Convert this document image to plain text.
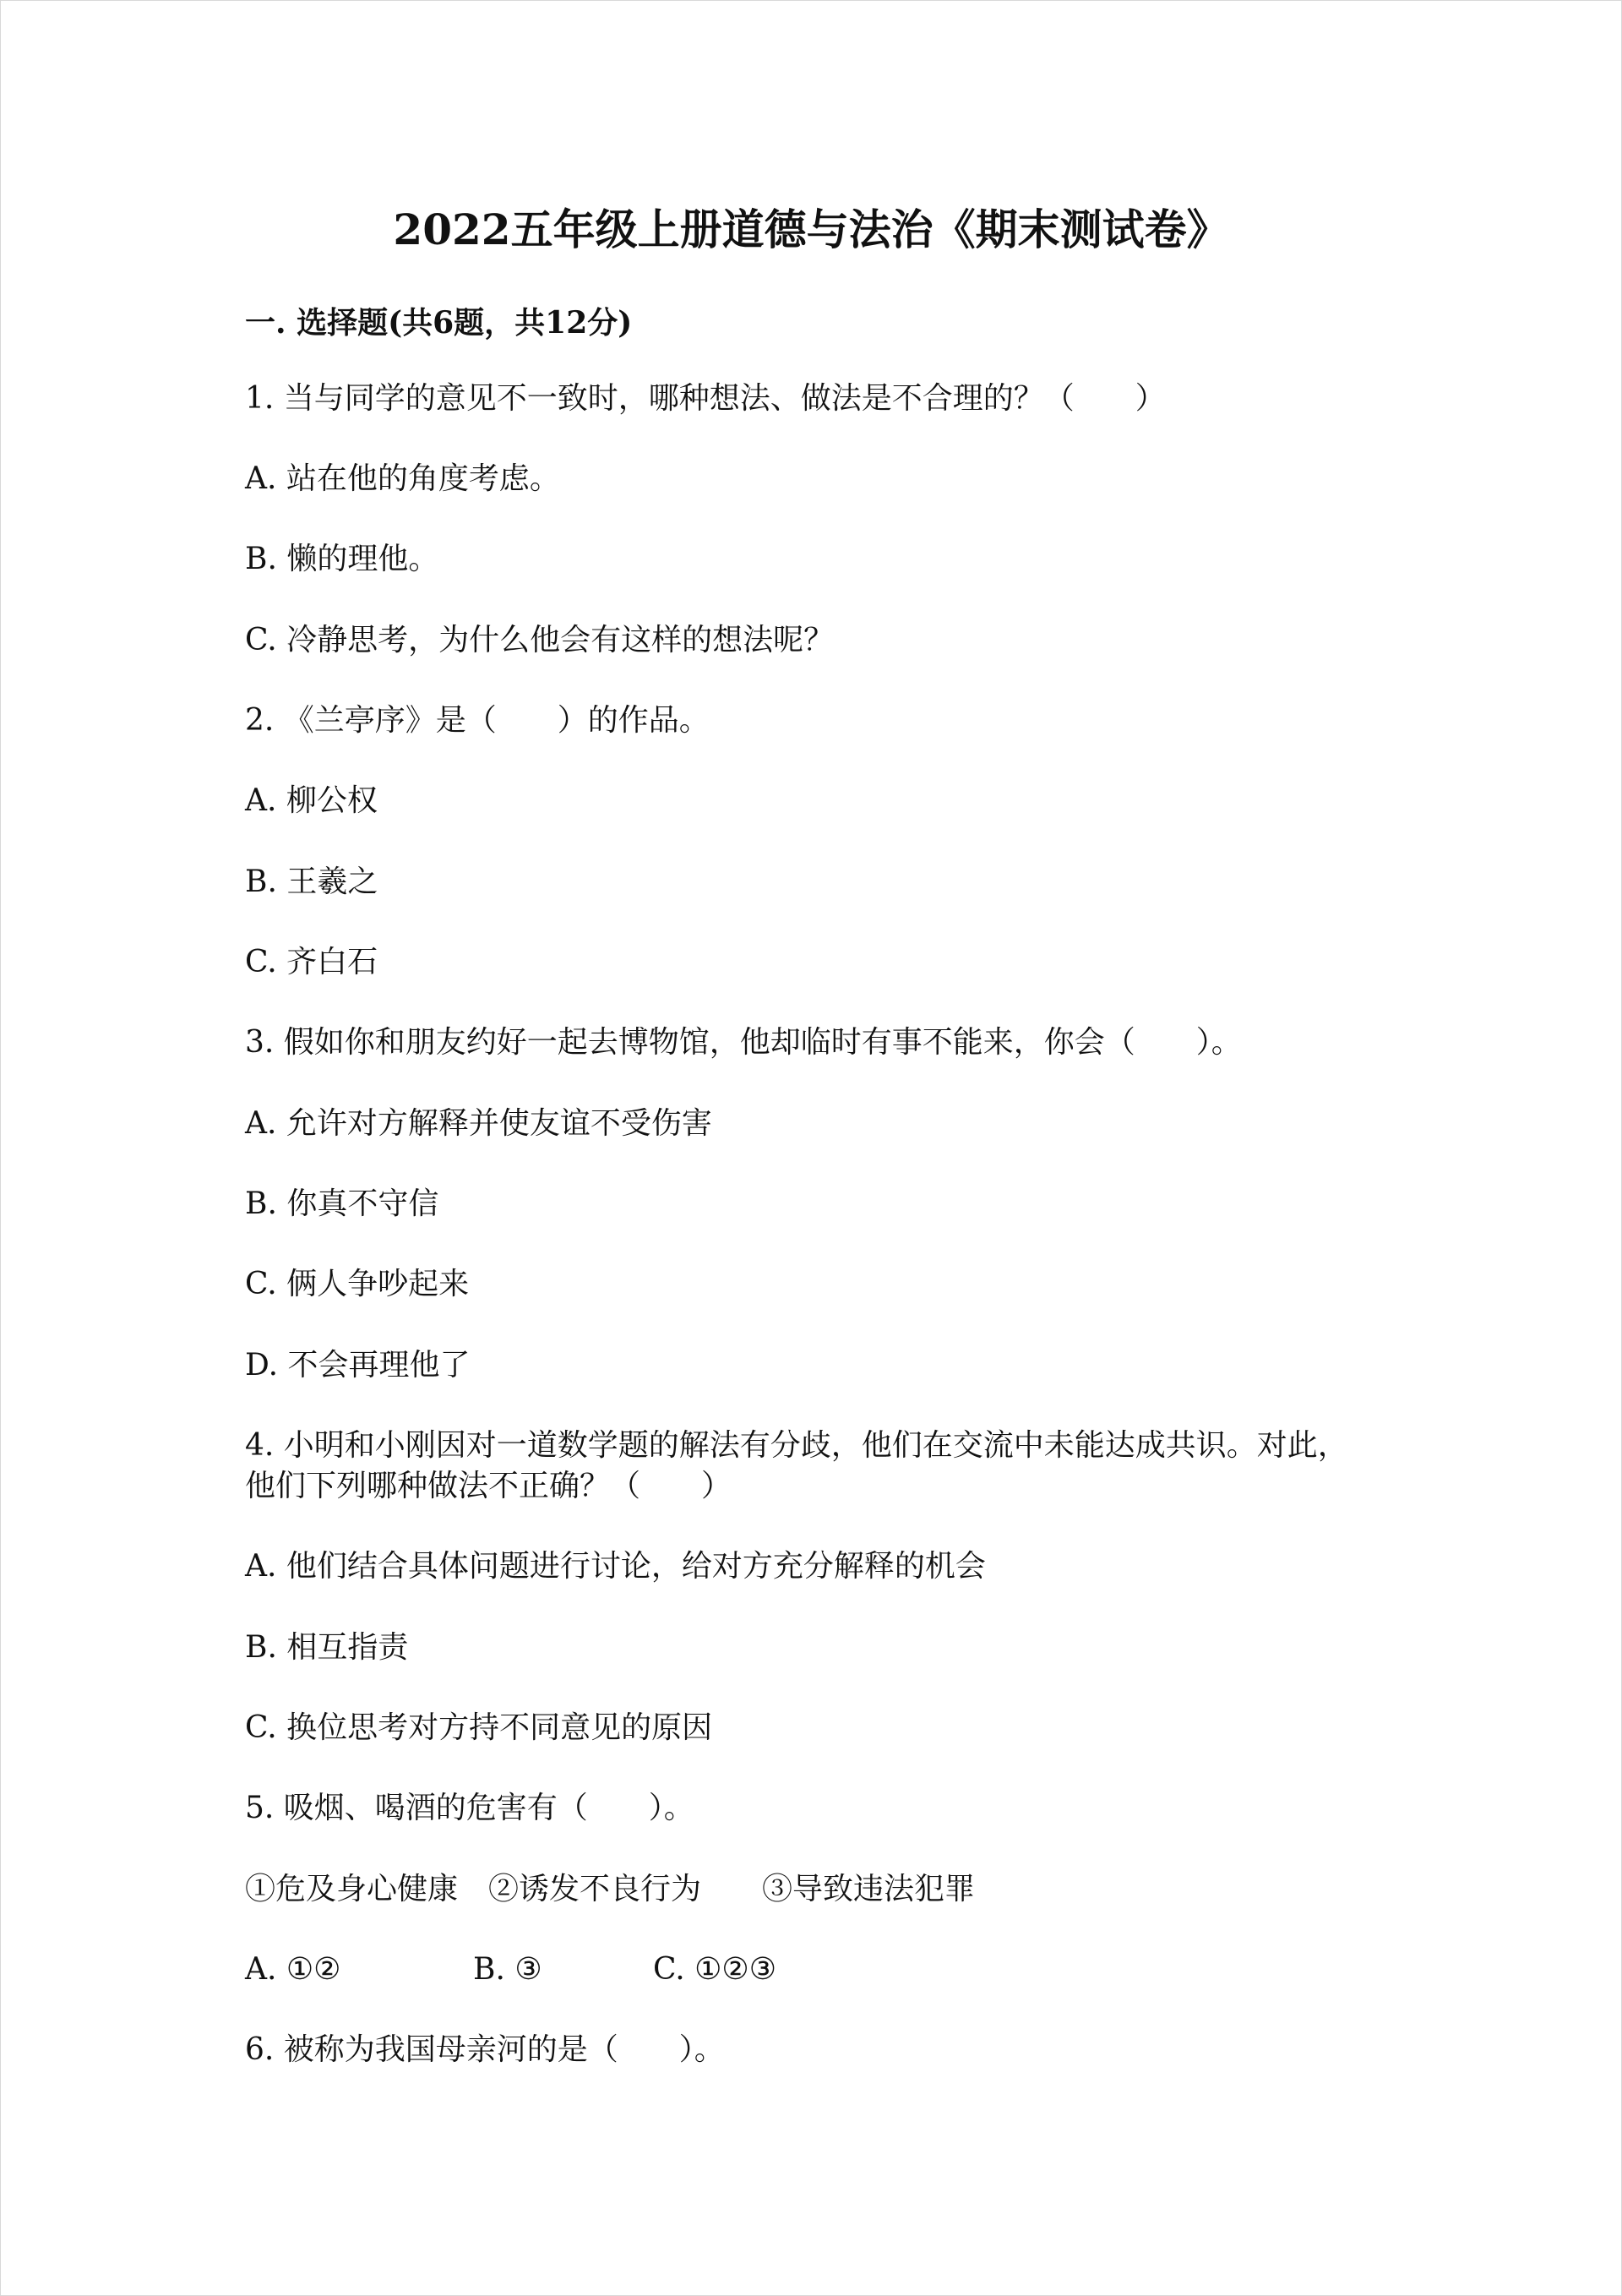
2022五年级上册道德与法治《期末测试卷》
一. 选择题(共6题，共12分)
1. 当与同学的意见不一致时，哪种想法、做法是不合理的？（　　）
A. 站在他的角度考虑。
B. 懒的理他。
C. 冷静思考，为什么他会有这样的想法呢？
2. 《兰亭序》是（　　）的作品。
A. 柳公权
B. 王羲之
C. 齐白石
3. 假如你和朋友约好一起去博物馆，他却临时有事不能来，你会（　　）。
A. 允许对方解释并使友谊不受伤害
B. 你真不守信
C. 俩人争吵起来
D. 不会再理他了
4. 小明和小刚因对一道数学题的解法有分歧，他们在交流中未能达成共识。对此，他们下列哪种做法不正确？（　　）
A. 他们结合具体问题进行讨论，给对方充分解释的机会
B. 相互指责
C. 换位思考对方持不同意见的原因
5. 吸烟、喝酒的危害有（　　）。
①危及身心健康　②诱发不良行为　　③导致违法犯罪
A. ①②	B. ③	C. ①②③
6. 被称为我国母亲河的是（　　）。
